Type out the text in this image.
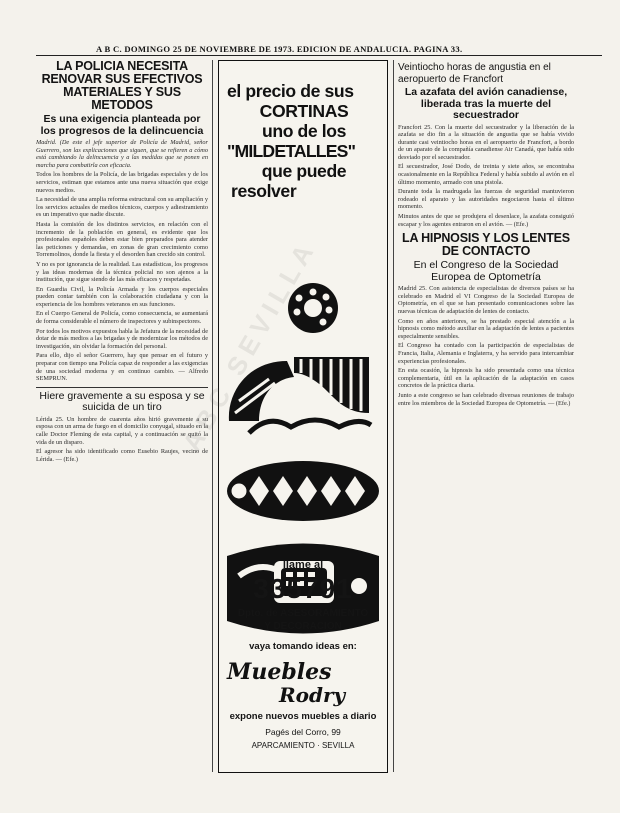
A B C. DOMINGO 25 DE NOVIEMBRE DE 1973. EDICION DE ANDALUCIA. PAGINA 33.
LA POLICIA NECESITA RENOVAR SUS EFECTIVOS MATERIALES Y SUS METODOS
Es una exigencia planteada por los progresos de la delincuencia

Madrid. (De este el jefe superior de Policía de Madrid, señor Guerrero, son las explicaciones que siguen, que se refieren a cómo está cambiando la delincuencia y a las medidas que se ponen en marcha para combatirla con eficacia.

Todos los hombres de la Policía, de las brigadas especiales y de los servicios, estiman que estamos ante una nueva situación que exige nuevos medios.

La necesidad de una amplia reforma estructural con su ampliación y los servicios actuales de medios técnicos, cuerpos y adiestramiento es un imperativo que nadie discute.

Hasta la comisión de los distintos servicios, en relación con el incremento de la población en general, es evidente que los profesionales españoles deben estar bien preparados para atender las peticiones y demandas, en zonas de gran crecimiento como Torremolinos, donde la fiesta y el desorden han crecido sin control.

Y no es por ignorancia de la realidad. Las estadísticas, los progresos y las ideas modernas de la técnica policial no son ajenos a la institución, que sigue siendo de las más eficaces y respetadas.

En Guardia Civil, la Policía Armada y los cuerpos especiales pueden contar también con la colaboración ciudadana y con la experiencia de los hombres veteranos en sus funciones.

En el Cuerpo General de Policía, como consecuencia, se aumentará de forma considerable el número de inspectores y subinspectores.

Por todos los motivos expuestos habla la Jefatura de la necesidad de dotar de más medios a las brigadas y de modernizar los métodos de investigación, sin olvidar la formación del personal.

Para ello, dijo el señor Guerrero, hay que pensar en el futuro y preparar con tiempo una Policía capaz de responder a las exigencias de una sociedad moderna y en continuo cambio. — Alfredo SEMPRUN.

Hiere gravemente a su esposa y se suicida de un tiro

Lérida 25. Un hombre de cuarenta años hirió gravemente a su esposa con un arma de fuego en el domicilio conyugal, situado en la calle Doctor Fleming de esta capital, y a continuación se quitó la vida de un disparo.

El agresor ha sido identificado como Eusebio Raujes, vecino de Lérida. — (Efe.)

el precio de sus
CORTINAS
uno de los
"MILDETALLES"
que puede
resolver
llame al
335791
Dpto. de ASESORAMIENTO
Y DECORACION
vaya tomando ideas en:
Muebles
Rodry
expone nuevos muebles a diario
Pagés del Corro, 99
APARCAMIENTO · SEVILLA
Veintiocho horas de angustia en el aeropuerto de Francfort
La azafata del avión canadiense, liberada tras la muerte del secuestrador

Francfort 25. Con la muerte del secuestrador y la liberación de la azafata se dio fin a la situación de angustia que se había vivido durante casi veintiocho horas en el aeropuerto de Francfort, a bordo de un aparato de la compañía canadiense Air Canadá, que había sido desviado por el secuestrador.

El secuestrador, José Dodo, de treinta y siete años, se encontraba ocasionalmente en la República Federal y había subido al avión en el último momento, armado con una pistola.

Durante toda la madrugada las fuerzas de seguridad mantuvieron rodeado el aparato y las autoridades negociaron hasta el último momento.

Minutos antes de que se produjera el desenlace, la azafata consiguió escapar y los agentes entraron en el avión. — (Efe.)

LA HIPNOSIS Y LOS LENTES DE CONTACTO
En el Congreso de la Sociedad Europea de Optometría

Madrid 25. Con asistencia de especialistas de diversos países se ha celebrado en Madrid el VI Congreso de la Sociedad Europea de Optometría, en el que se han presentado comunicaciones sobre las nuevas técnicas de adaptación de lentes de contacto.

Como en años anteriores, se ha prestado especial atención a la hipnosis como método auxiliar en la adaptación de lentes a pacientes especialmente sensibles.

El Congreso ha contado con la participación de especialistas de Francia, Italia, Alemania e Inglaterra, y ha servido para intercambiar experiencias profesionales.

En esta ocasión, la hipnosis ha sido presentada como una técnica complementaria, útil en la aplicación de la adaptación en casos concretos de la práctica diaria.

Junto a este congreso se han celebrado diversas reuniones de trabajo entre los miembros de la Sociedad Europea de Optometría. — (Efe.)

ABC
